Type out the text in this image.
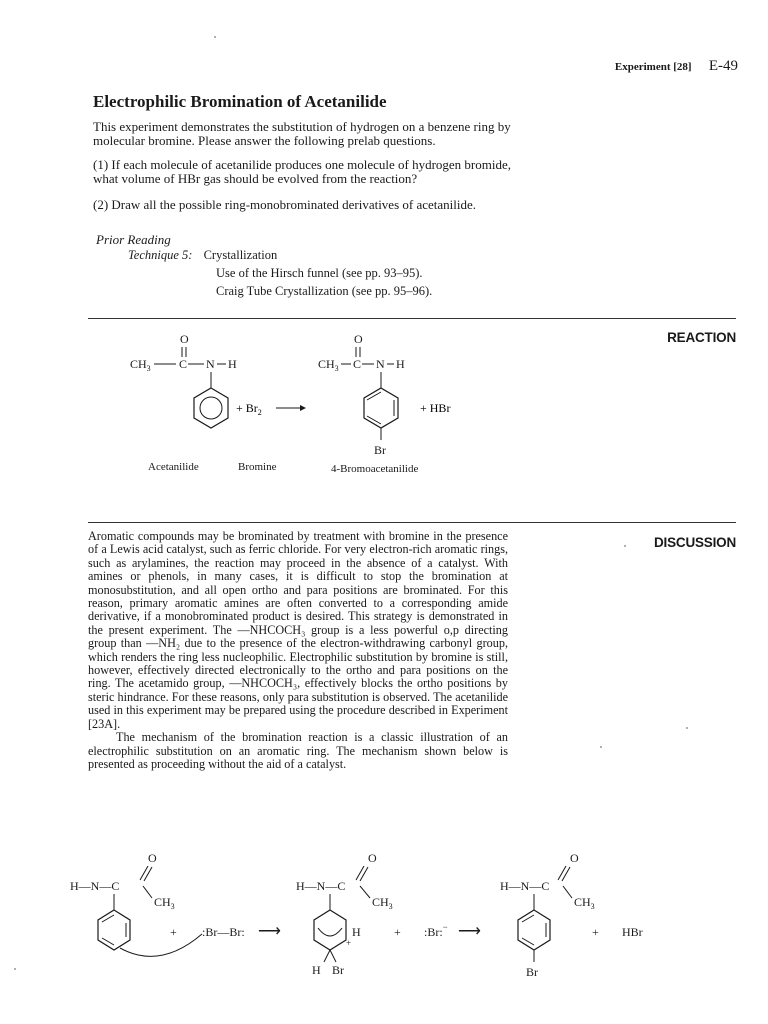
Experiment [28] E-49
Electrophilic Bromination of Acetanilide
This experiment demonstrates the substitution of hydrogen on a benzene ring by molecular bromine. Please answer the following prelab questions.
(1) If each molecule of acetanilide produces one molecule of hydrogen bromide, what volume of HBr gas should be evolved from the reaction?
(2) Draw all the possible ring-monobrominated derivatives of acetanilide.
Prior Reading
Technique 5: Crystallization
Use of the Hirsch funnel (see pp. 93–95).
Craig Tube Crystallization (see pp. 95–96).
REACTION
O
$CH_3$ C N H
+ $Br_2$
O
$CH_3$ C N H
Br
+ HBr
Acetanilide	Bromine	4-Bromoacetanilide
DISCUSSION

Aromatic compounds may be brominated by treatment with bromine in the presence of a Lewis acid catalyst, such as ferric chloride. For very electron-rich aromatic rings, such as arylamines, the reaction may proceed in the absence of a catalyst. With amines or phenols, in many cases, it is difficult to stop the bromination at monosubstitution, and all open ortho and para positions are brominated. For this reason, primary aromatic amines are often converted to a corresponding amide derivative, if a monobrominated product is desired. This strategy is demonstrated in the present experiment. The —NHCOCH₃ group is a less powerful o,p directing group than —NH₂ due to the presence of the electron-withdrawing carbonyl group, which renders the ring less nucleophilic. Electrophilic substitution by bromine is still, however, effectively directed electronically to the ortho and para positions on the ring. The acetamido group, —NHCOCH₃, effectively blocks the ortho positions by steric hindrance. For these reasons, only para substitution is observed. The acetanilide used in this experiment may be prepared using the procedure described in Experiment [23A].

The mechanism of the bromination reaction is a classic illustration of an electrophilic substitution on an aromatic ring. The mechanism shown below is presented as proceeding without the aid of a catalyst.

O
H—N—C
$CH_3$
+ :Br—Br: ⟶
O
H—N—C
$CH_3$
+
H
H Br
+ :Br:− ⟶
O
H—N—C
$CH_3$
Br
+ HBr
